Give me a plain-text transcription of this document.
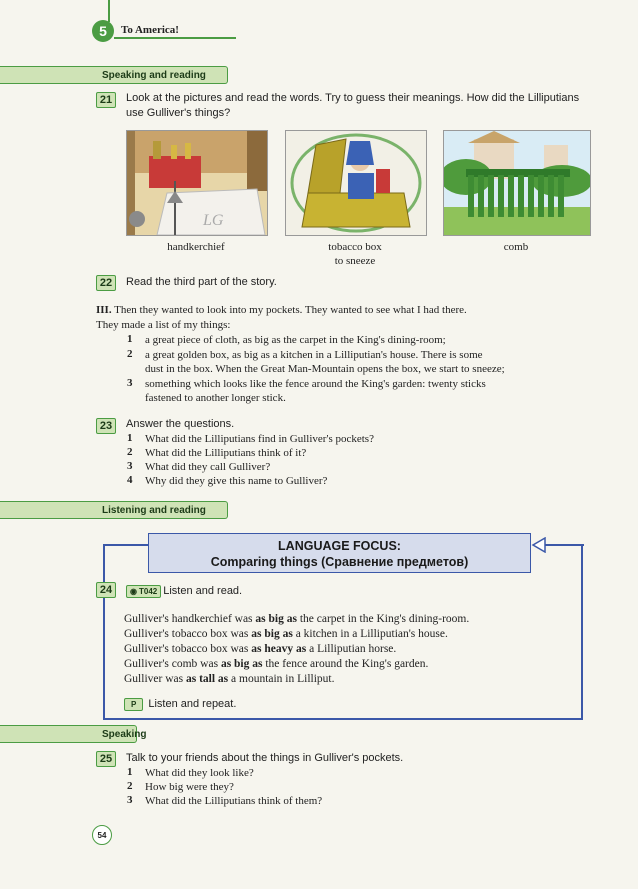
5	To America!
Speaking and reading
21	Look at the pictures and read the words. Try to guess their meanings. How did the Lilliputians use Gulliver's things?
LG
handkerchief	tobacco box
to sneeze
comb
22	Read the third part of the story.
III. Then they wanted to look into my pockets. They wanted to see what I had there.
They made a list of my things:
1 a great piece of cloth, as big as the carpet in the King's dining-room;
2 a great golden box, as big as a kitchen in a Lilliputian's house. There is some
dust in the box. When the Great Man-Mountain opens the box, we start to sneeze;
3 something which looks like the fence around the King's garden: twenty sticks
fastened to another longer stick.
23	Answer the questions.
1 What did the Lilliputians find in Gulliver's pockets?
2 What did the Lilliputians think of it?
3 What did they call Gulliver?
4 Why did they give this name to Gulliver?
Listening and reading
LANGUAGE FOCUS:
Comparing things (Сравнение предметов)
24	◉ T042 Listen and read.
Gulliver's handkerchief was as big as the carpet in the King's dining-room.
Gulliver's tobacco box was as big as a kitchen in a Lilliputian's house.
Gulliver's tobacco box was as heavy as a Lilliputian horse.
Gulliver's comb was as big as the fence around the King's garden.
Gulliver was as tall as a mountain in Lilliput.
P	Listen and repeat.
Speaking
25	Talk to your friends about the things in Gulliver's pockets.
1 What did they look like?
2 How big were they?
3 What did the Lilliputians think of them?
54
